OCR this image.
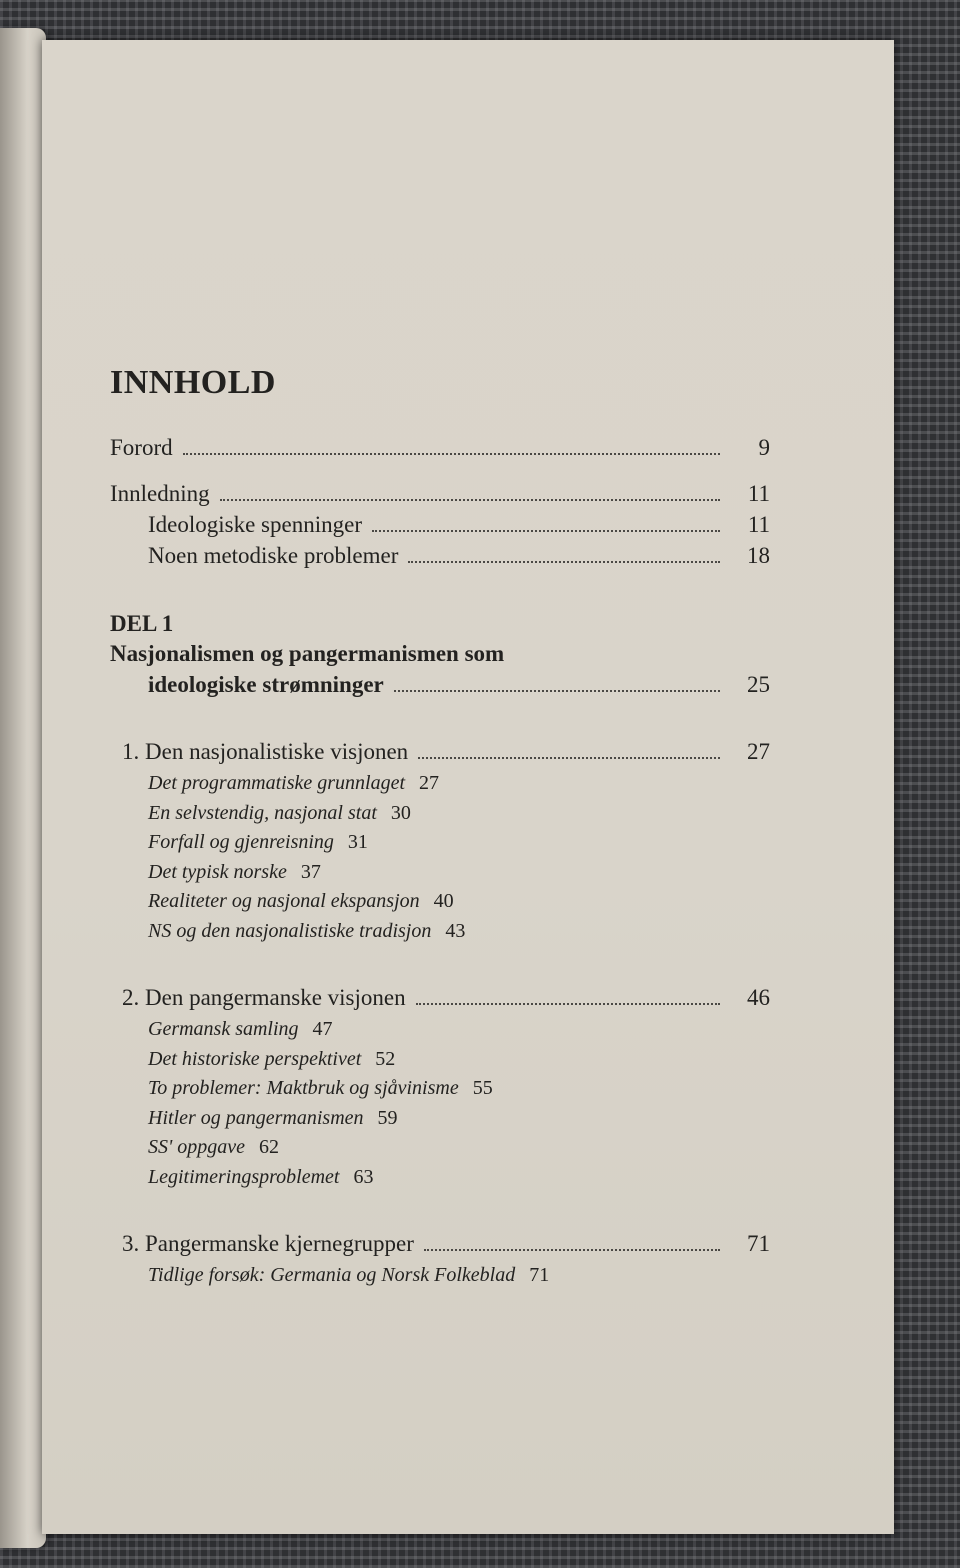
INNHOLD
Forord	9
Innledning	11
Ideologiske spenninger	11
Noen metodiske problemer	18
DEL 1
Nasjonalismen og pangermanismen som
ideologiske strømninger	25
1. Den nasjonalistiske visjonen	27
Det programmatiske grunnlaget 27
En selvstendig, nasjonal stat 30
Forfall og gjenreisning 31
Det typisk norske 37
Realiteter og nasjonal ekspansjon 40
NS og den nasjonalistiske tradisjon 43
2. Den pangermanske visjonen	46
Germansk samling 47
Det historiske perspektivet 52
To problemer: Maktbruk og sjåvinisme 55
Hitler og pangermanismen 59
SS' oppgave 62
Legitimeringsproblemet 63
3. Pangermanske kjernegrupper	71
Tidlige forsøk: Germania og Norsk Folkeblad 71
